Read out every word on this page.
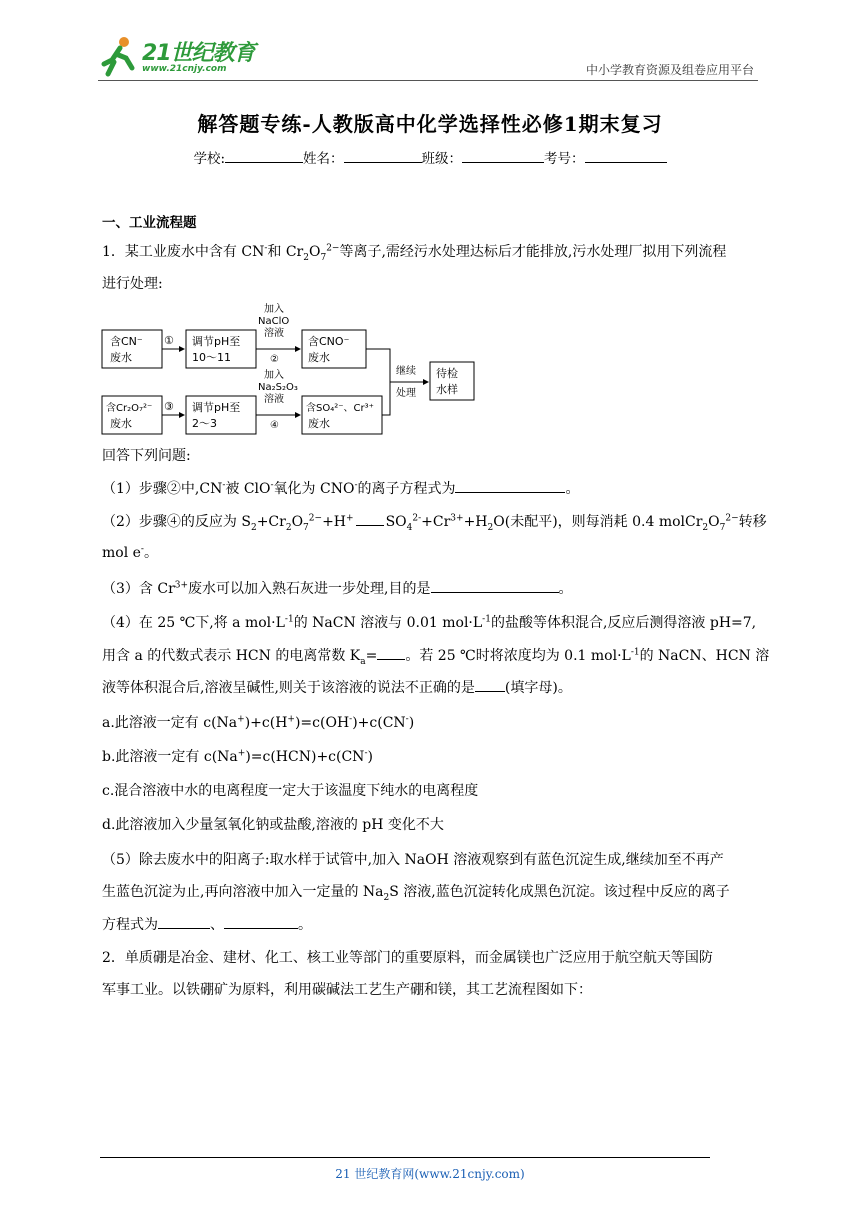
21世纪教育
www.21cnjy.com	中小学教育资源及组卷应用平台
解答题专练-人教版高中化学选择性必修1期末复习
学校:	姓名：	班级：	考号：
一、工业流程题
1．某工业废水中含有 CN-和 $Cr_2O_7^{2-}$等离子,需经污水处理达标后才能排放,污水处理厂拟用下列流程
进行处理:
含CN⁻
废水
① 调节pH至
10～11
加入
NaClO
溶液
②
含CNO⁻
废水
含Cr₂O₇²⁻
废水
③ 调节pH至
2～3
加入
Na₂S₂O₃
溶液
④
含SO₄²⁻、Cr³⁺
废水
继续
处理
待检
水样
回答下列问题:
（1）步骤②中,CN-被 ClO-氧化为 CNO-的离子方程式为	。
（2）步骤④的反应为 $S_2+Cr_2O_7^{2-}+H^+$ $SO_4^{2-}+Cr^{3+}+H_2O$(未配平)，则每消耗 0.4 $molCr_2O_7^{2-}$转移
mol e-。
（3）含 $Cr^{3+}$废水可以加入熟石灰进一步处理,目的是	。
（4）在 25 ℃下,将 a $mol\cdot L^{-1}$的 NaCN 溶液与 0.01 $mol\cdot L^{-1}$的盐酸等体积混合,反应后测得溶液 pH=7,
用含 a 的代数式表示 HCN 的电离常数 $K_a=$ 。若 25 ℃时将浓度均为 0.1 $mol\cdot L^{-1}$的 NaCN、HCN 溶
液等体积混合后,溶液呈碱性,则关于该溶液的说法不正确的是 (填字母)。
a.此溶液一定有 c(Na+)+c(H+)=c(OH-)+c(CN-)
b.此溶液一定有 c(Na+)=c(HCN)+c(CN-)
c.混合溶液中水的电离程度一定大于该温度下纯水的电离程度
d.此溶液加入少量氢氧化钠或盐酸,溶液的 pH 变化不大
（5）除去废水中的阳离子:取水样于试管中,加入 NaOH 溶液观察到有蓝色沉淀生成,继续加至不再产
生蓝色沉淀为止,再向溶液中加入一定量的 $Na_2S$ 溶液,蓝色沉淀转化成黑色沉淀。该过程中反应的离子
方程式为	、	。
2．单质硼是冶金、建材、化工、核工业等部门的重要原料，而金属镁也广泛应用于航空航天等国防
军事工业。以铁硼矿为原料，利用碳碱法工艺生产硼和镁，其工艺流程图如下：
21 世纪教育网(www.21cnjy.com)
